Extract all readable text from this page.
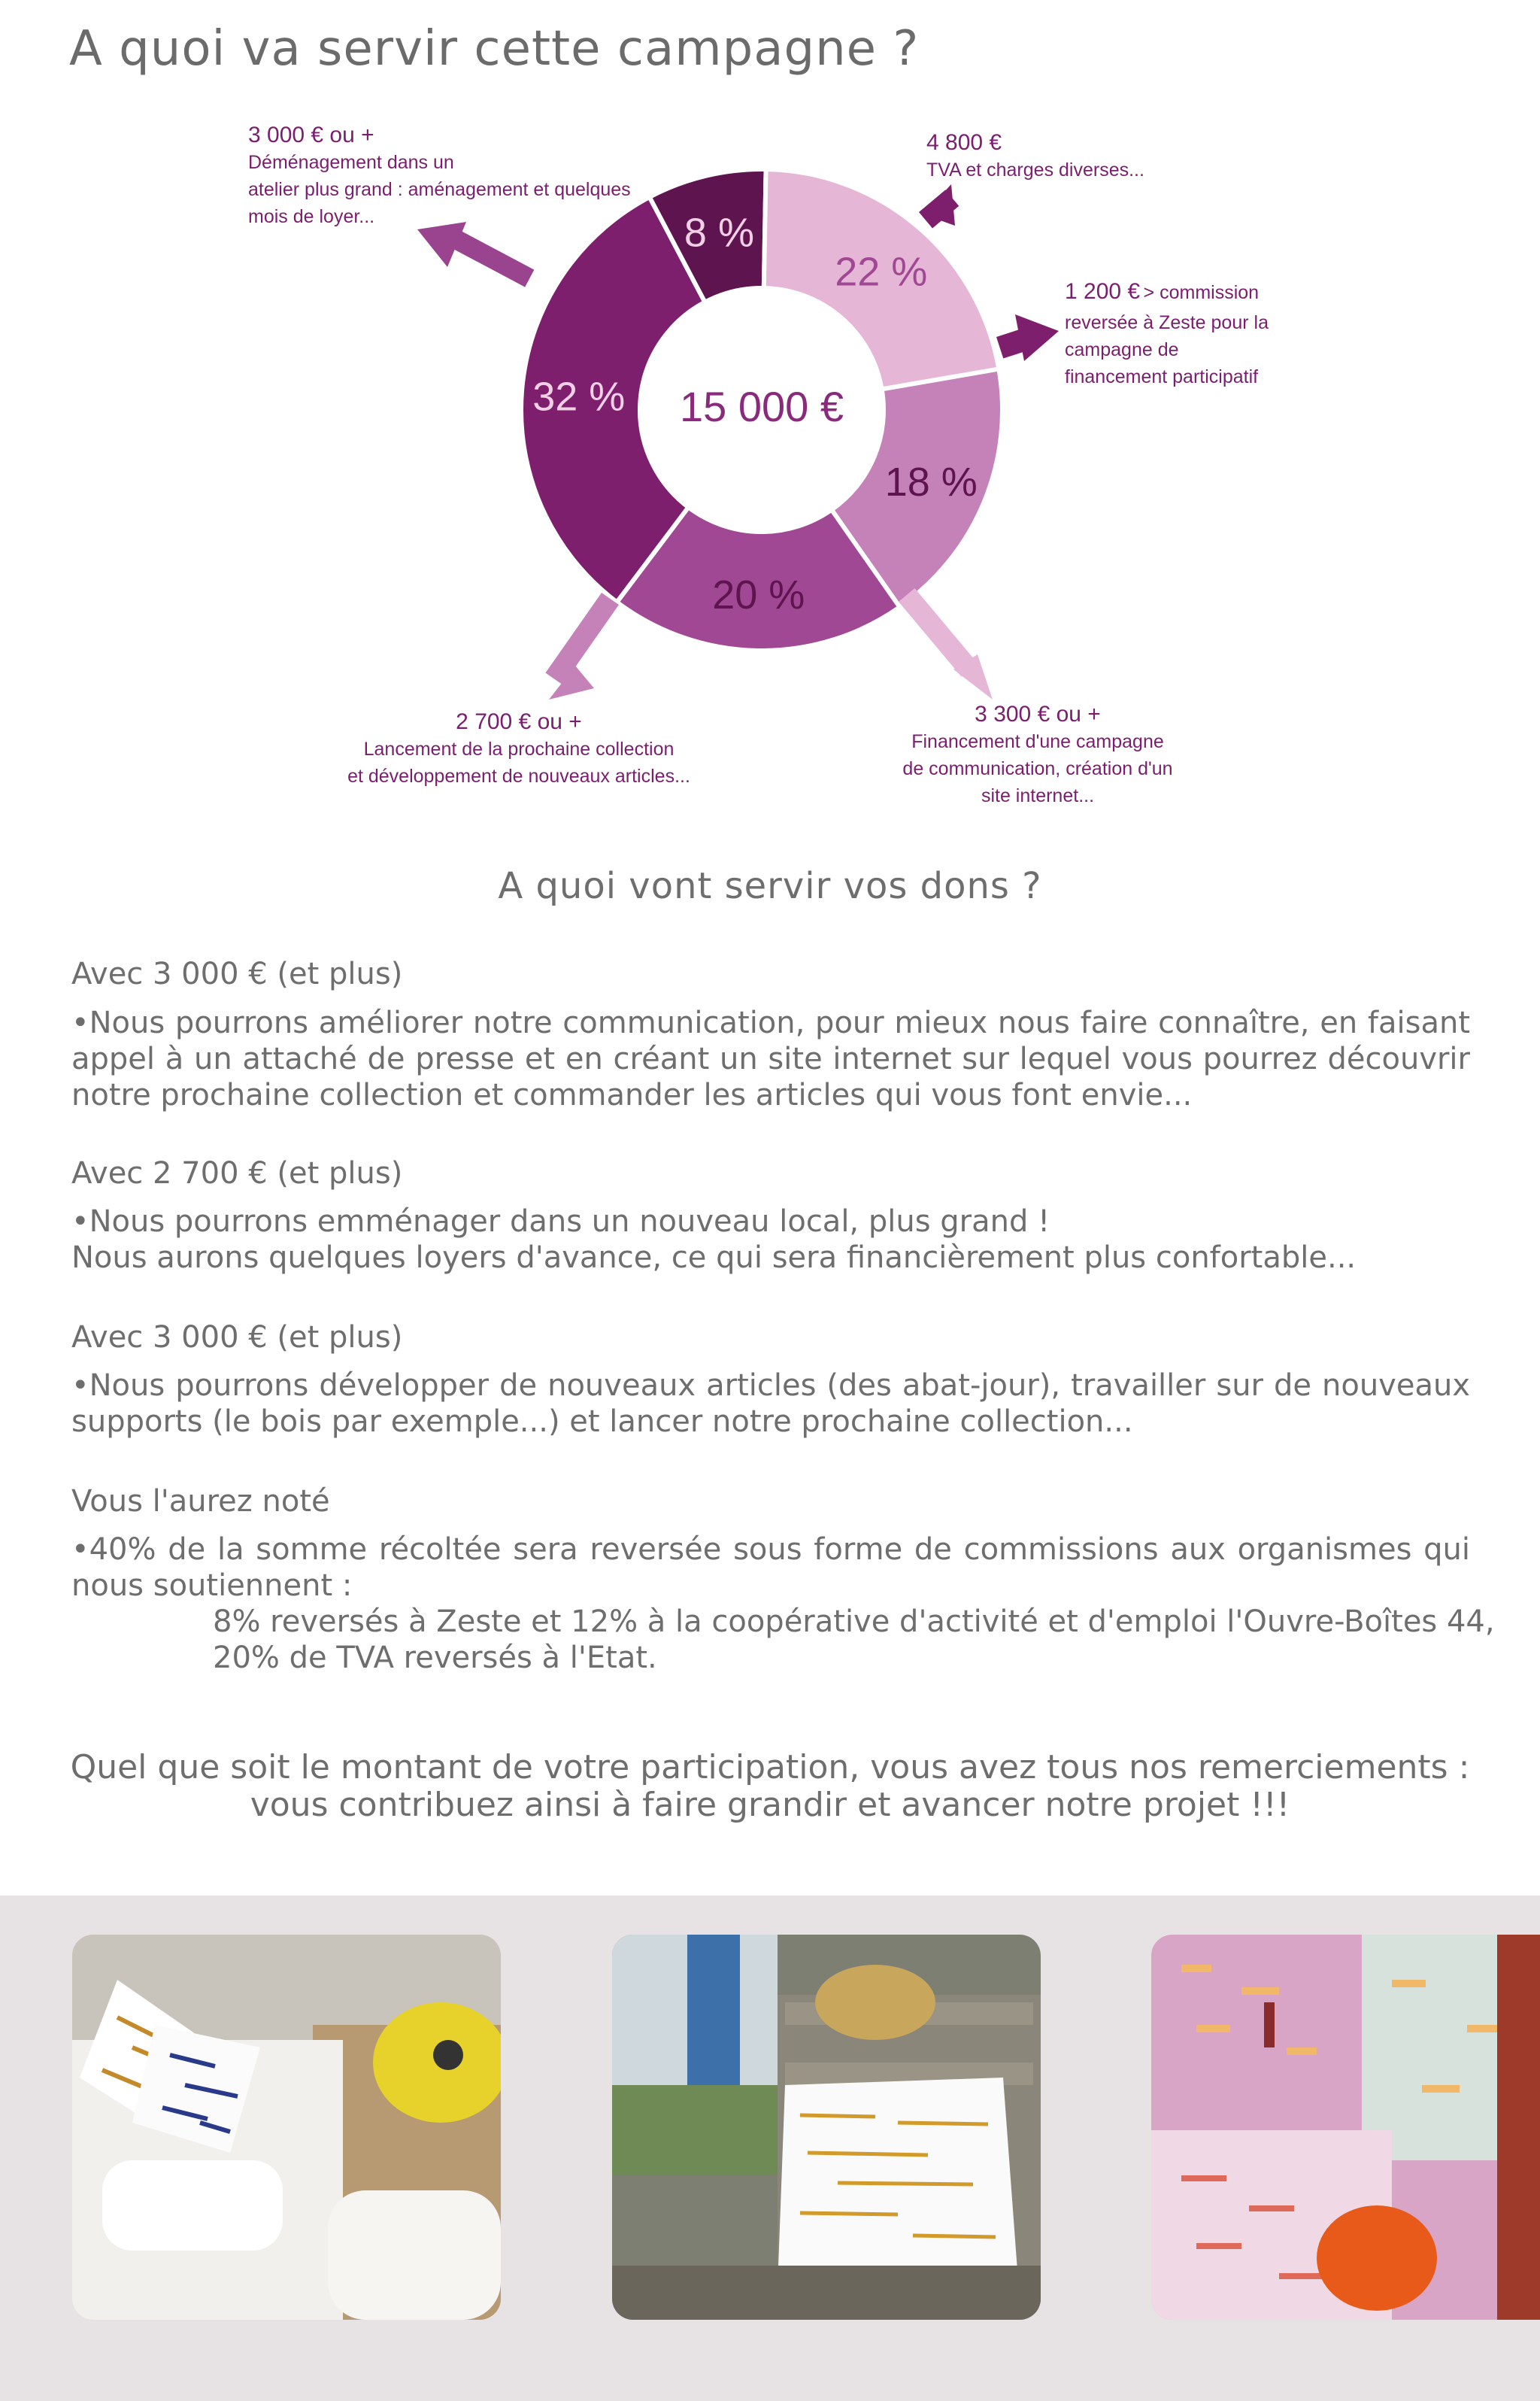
A quoi va servir cette campagne ?
32 %
8 %
22 %
18 %
20 %
15 000 €
3 000 € ou +
Déménagement dans un
atelier plus grand : aménagement et quelques
mois de loyer...
4 800 €
TVA et charges diverses...
1 200 € > commission
reversée à Zeste pour la
campagne de
financement participatif
2 700 € ou +
Lancement de la prochaine collection
et développement de nouveaux articles...
3 300 € ou +
Financement d'une campagne
de communication, création d'un
site internet...
A quoi vont servir vos dons ?
Avec 3 000 € (et plus)
•Nous pourrons améliorer notre communication, pour mieux nous faire connaître, en faisant appel à un attaché de presse et en créant un site internet sur lequel vous pourrez découvrir notre prochaine collection et commander les articles qui vous font envie...
Avec 2 700 € (et plus)
•Nous pourrons emménager dans un nouveau local, plus grand !
Nous aurons quelques loyers d'avance, ce qui sera financièrement plus confortable...
Avec 3 000 € (et plus)
•Nous pourrons développer de nouveaux articles (des abat-jour), travailler sur de nouveaux supports (le bois par exemple...) et lancer notre prochaine collection...
Vous l'aurez noté
•40% de la somme récoltée sera reversée sous forme de commissions aux organismes qui nous soutiennent :
8% reversés à Zeste et 12% à la coopérative d'activité et d'emploi l'Ouvre-Boîtes 44,
20% de TVA reversés à l'Etat.
Quel que soit le montant de votre participation, vous avez tous nos remerciements :
vous contribuez ainsi à faire grandir et avancer notre projet !!!
